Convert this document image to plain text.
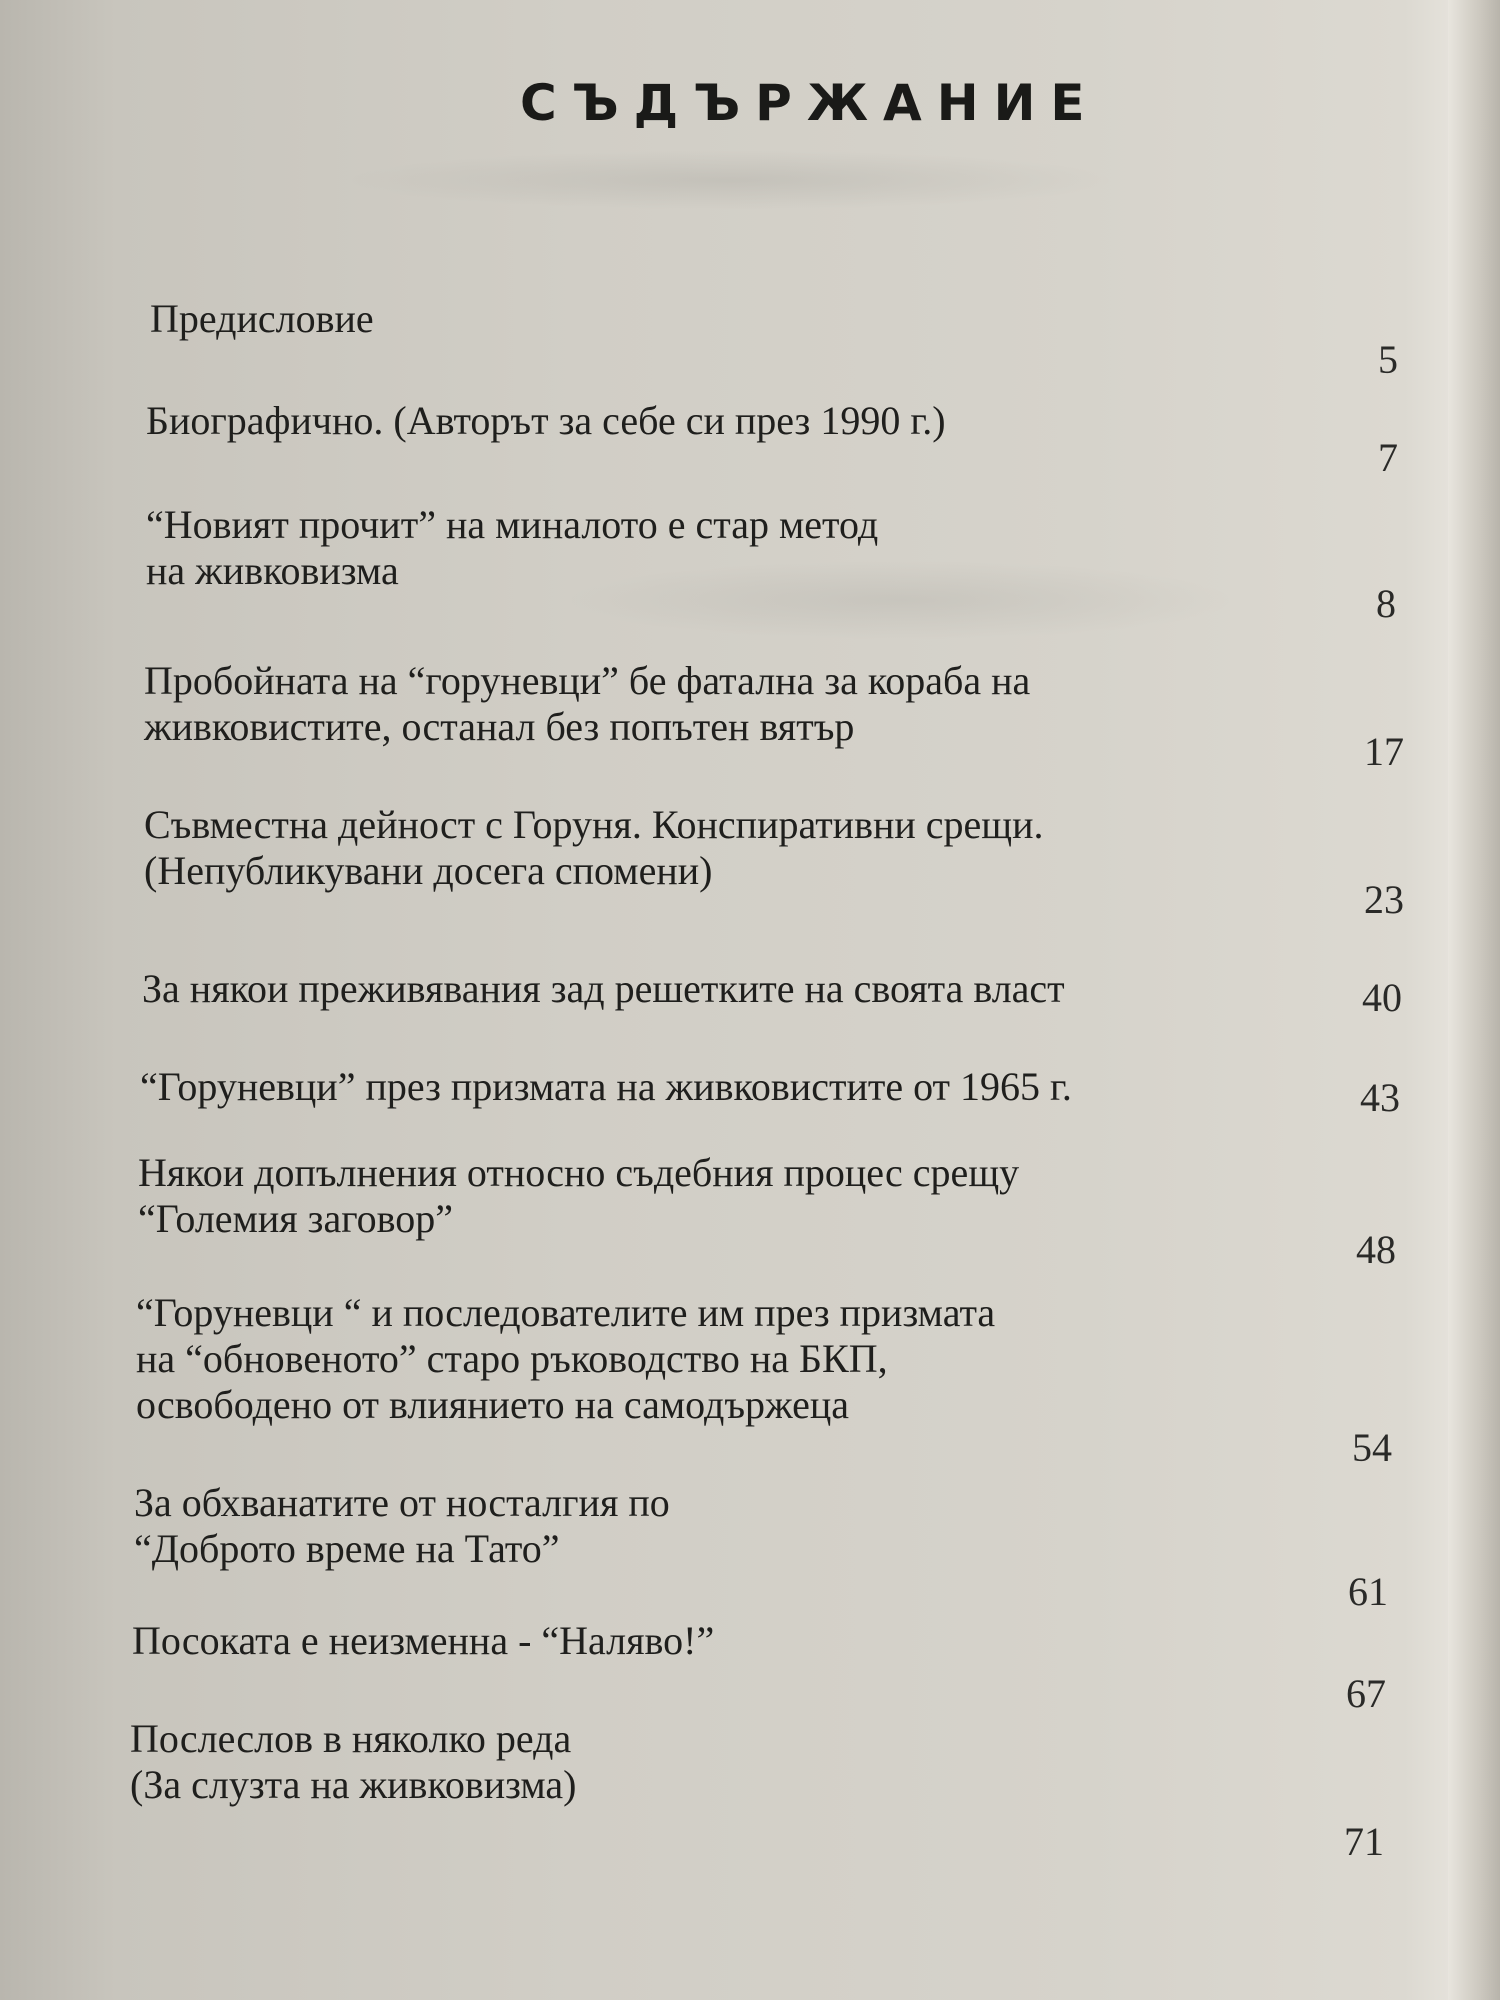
СЪДЪРЖАНИЕ
Предисловие
5
Биографично. (Авторът за себе си през 1990 г.)
7
“Новият прочит” на миналото е стар метод
на живковизма
8
Пробойната на “горуневци” бе фатална за кораба на
живковистите, останал без попътен вятър
17
Съвместна дейност с Горуня. Конспиративни срещи.
(Непубликувани досега спомени)
23
За някои преживявания зад решетките на своята власт	40
“Горуневци” през призмата на живковистите от 1965 г.	43
Някои допълнения относно съдебния процес срещу
“Големия заговор”
48
“Горуневци “ и последователите им през призмата
на “обновеното” старо ръководство на БКП,
освободено от влиянието на самодържеца
54
За обхванатите от носталгия по
“Доброто време на Тато”
61
Посоката е неизменна - “Наляво!”
67
Послеслов в няколко реда
(За слузта на живковизма)
71
